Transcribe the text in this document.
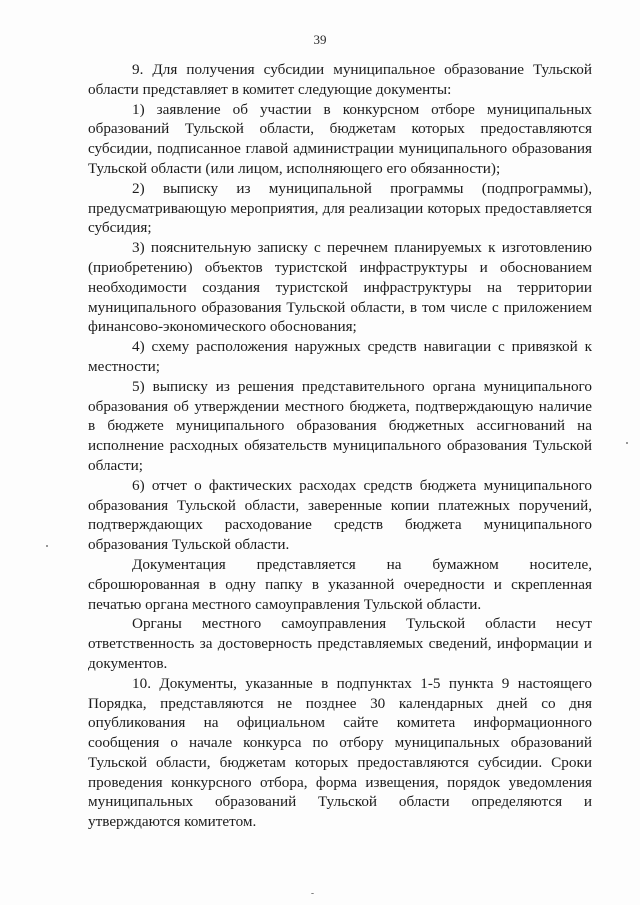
39

9. Для получения субсидии муниципальное образование Тульской области представляет в комитет следующие документы:

1) заявление об участии в конкурсном отборе муниципальных образований Тульской области, бюджетам которых предоставляются субсидии, подписанное главой администрации муниципального образования Тульской области (или лицом, исполняющего его обязанности);

2) выписку из муниципальной программы (подпрограммы), предусматривающую мероприятия, для реализации которых предоставляется субсидия;

3) пояснительную записку с перечнем планируемых к изготовлению (приобретению) объектов туристской инфраструктуры и обоснованием необходимости создания туристской инфраструктуры на территории муниципального образования Тульской области, в том числе с приложением финансово-экономического обоснования;

4) схему расположения наружных средств навигации с привязкой к местности;

5) выписку из решения представительного органа муниципального образования об утверждении местного бюджета, подтверждающую наличие в бюджете муниципального образования бюджетных ассигнований на исполнение расходных обязательств муниципального образования Тульской области;

6) отчет о фактических расходах средств бюджета муниципального образования Тульской области, заверенные копии платежных поручений, подтверждающих расходование средств бюджета муниципального образования Тульской области.

Документация представляется на бумажном носителе, сброшюрованная в одну папку в указанной очередности и скрепленная печатью органа местного самоуправления Тульской области.

Органы местного самоуправления Тульской области несут ответственность за достоверность представляемых сведений, информации и документов.

10. Документы, указанные в подпунктах 1-5 пункта 9 настоящего Порядка, представляются не позднее 30 календарных дней со дня опубликования на официальном сайте комитета информационного сообщения о начале конкурса по отбору муниципальных образований Тульской области, бюджетам которых предоставляются субсидии. Сроки проведения конкурсного отбора, форма извещения, порядок уведомления муниципальных образований Тульской области определяются и утверждаются комитетом.
